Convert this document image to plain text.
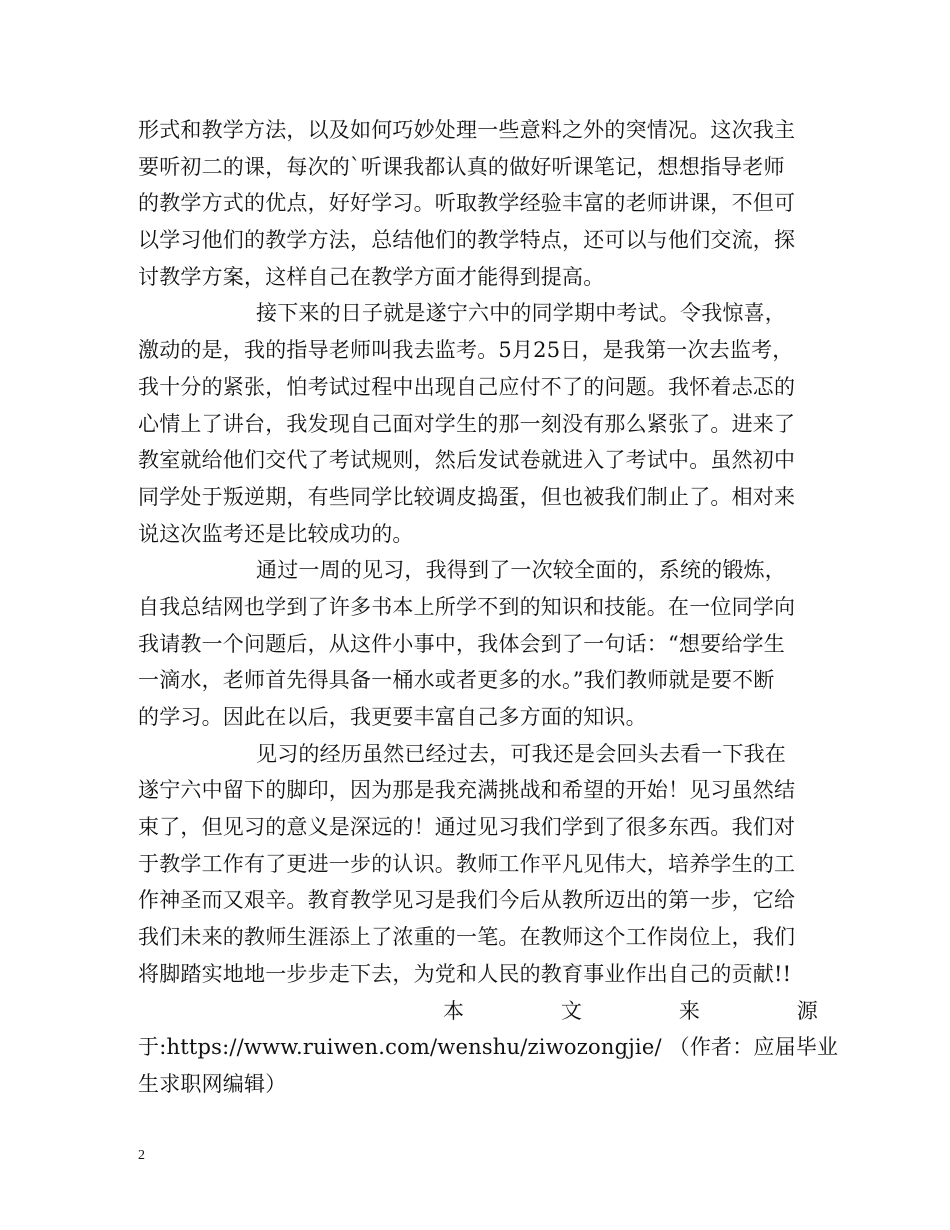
形式和教学方法，以及如何巧妙处理一些意料之外的突情况。这次我主
要听初二的课，每次的`听课我都认真的做好听课笔记，想想指导老师
的教学方式的优点，好好学习。听取教学经验丰富的老师讲课，不但可
以学习他们的教学方法，总结他们的教学特点，还可以与他们交流，探
讨教学方案，这样自己在教学方面才能得到提高。
接下来的日子就是遂宁六中的同学期中考试。令我惊喜，
激动的是，我的指导老师叫我去监考。5月25日，是我第一次去监考，
我十分的紧张，怕考试过程中出现自己应付不了的问题。我怀着忐忑的
心情上了讲台，我发现自己面对学生的那一刻没有那么紧张了。进来了
教室就给他们交代了考试规则，然后发试卷就进入了考试中。虽然初中
同学处于叛逆期，有些同学比较调皮捣蛋，但也被我们制止了。相对来
说这次监考还是比较成功的。
通过一周的见习，我得到了一次较全面的，系统的锻炼，
自我总结网也学到了许多书本上所学不到的知识和技能。在一位同学向
我请教一个问题后，从这件小事中，我体会到了一句话：“想要给学生
一滴水，老师首先得具备一桶水或者更多的水。”我们教师就是要不断
的学习。因此在以后，我更要丰富自己多方面的知识。
见习的经历虽然已经过去，可我还是会回头去看一下我在
遂宁六中留下的脚印，因为那是我充满挑战和希望的开始！见习虽然结
束了，但见习的意义是深远的！通过见习我们学到了很多东西。我们对
于教学工作有了更进一步的认识。教师工作平凡见伟大，培养学生的工
作神圣而又艰辛。教育教学见习是我们今后从教所迈出的第一步，它给
我们未来的教师生涯添上了浓重的一笔。在教师这个工作岗位上，我们
将脚踏实地地一步步走下去，为党和人民的教育事业作出自己的贡献!!
本	文	来	源
于:https://www.ruiwen.com/wenshu/ziwozongjie/ （作者：应届毕业
生求职网编辑）
2
